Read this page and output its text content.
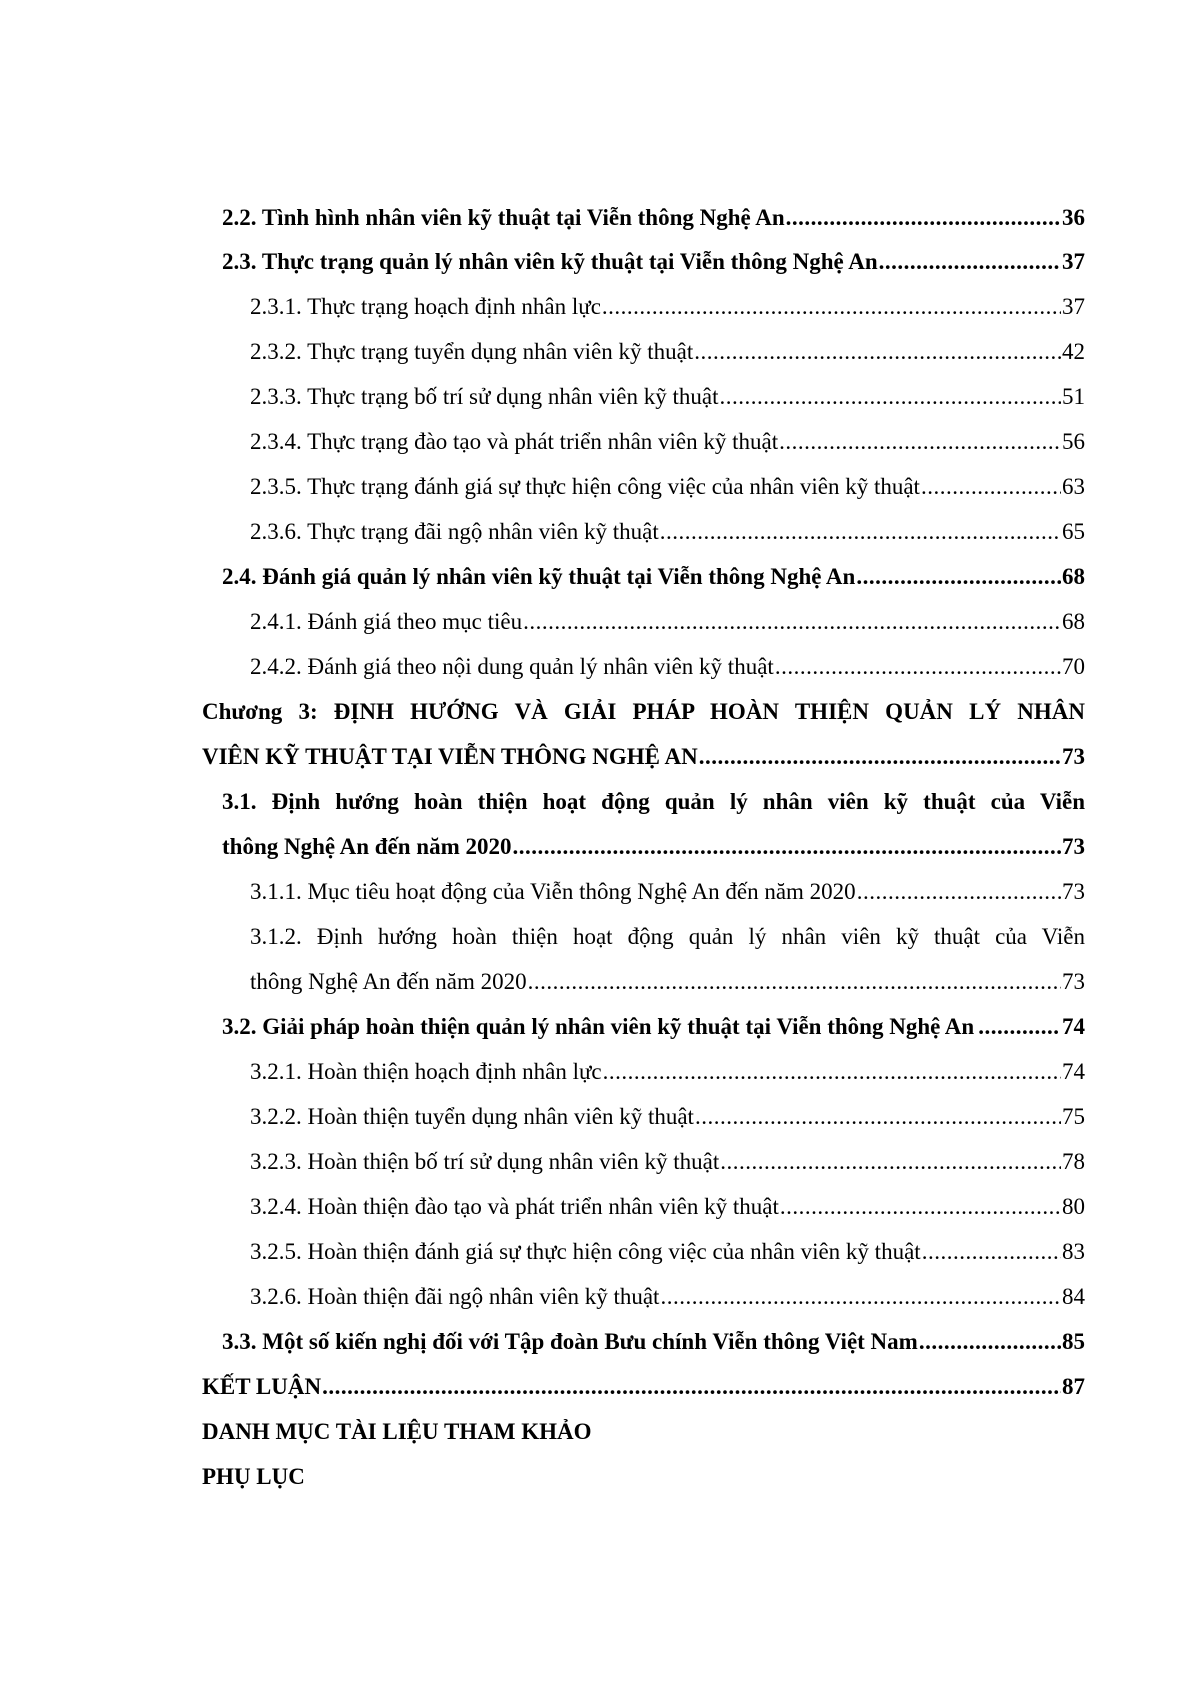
2.2. Tình hình nhân viên kỹ thuật tại Viễn thông Nghệ An .....	36
2.3. Thực trạng quản lý nhân viên kỹ thuật tại Viễn thông Nghệ An .....	37
2.3.1. Thực trạng hoạch định nhân lực .....	37
2.3.2. Thực trạng tuyển dụng nhân viên kỹ thuật .....	42
2.3.3. Thực trạng bố trí sử dụng nhân viên kỹ thuật .....	51
2.3.4. Thực trạng đào tạo và phát triển nhân viên kỹ thuật .....	56
2.3.5. Thực trạng đánh giá sự thực hiện công việc của nhân viên kỹ thuật .....	63
2.3.6. Thực trạng đãi ngộ nhân viên kỹ thuật .....	65
2.4. Đánh giá quản lý nhân viên kỹ thuật tại Viễn thông Nghệ An .....	68
2.4.1. Đánh giá theo mục tiêu .....	68
2.4.2. Đánh giá theo nội dung quản lý nhân viên kỹ thuật .....	70
Chương 3: ĐỊNH HƯỚNG VÀ GIẢI PHÁP HOÀN THIỆN QUẢN LÝ NHÂN
VIÊN KỸ THUẬT TẠI VIỄN THÔNG NGHỆ AN .....	73
3.1. Định hướng hoàn thiện hoạt động quản lý nhân viên kỹ thuật của Viễn
thông Nghệ An đến năm 2020 .....	73
3.1.1. Mục tiêu hoạt động của Viễn thông Nghệ An đến năm 2020 .....	73
3.1.2. Định hướng hoàn thiện hoạt động quản lý nhân viên kỹ thuật của Viễn
thông Nghệ An đến năm 2020 .....	73
3.2. Giải pháp hoàn thiện quản lý nhân viên kỹ thuật tại Viễn thông Nghệ An .....	74
3.2.1. Hoàn thiện hoạch định nhân lực .....	74
3.2.2. Hoàn thiện tuyển dụng nhân viên kỹ thuật .....	75
3.2.3. Hoàn thiện bố trí sử dụng nhân viên kỹ thuật .....	78
3.2.4. Hoàn thiện đào tạo và phát triển nhân viên kỹ thuật .....	80
3.2.5. Hoàn thiện đánh giá sự thực hiện công việc của nhân viên kỹ thuật .....	83
3.2.6. Hoàn thiện đãi ngộ nhân viên kỹ thuật .....	84
3.3. Một số kiến nghị đối với Tập đoàn Bưu chính Viễn thông Việt Nam .....	85
KẾT LUẬN .....	87
DANH MỤC TÀI LIỆU THAM KHẢO
PHỤ LỤC
